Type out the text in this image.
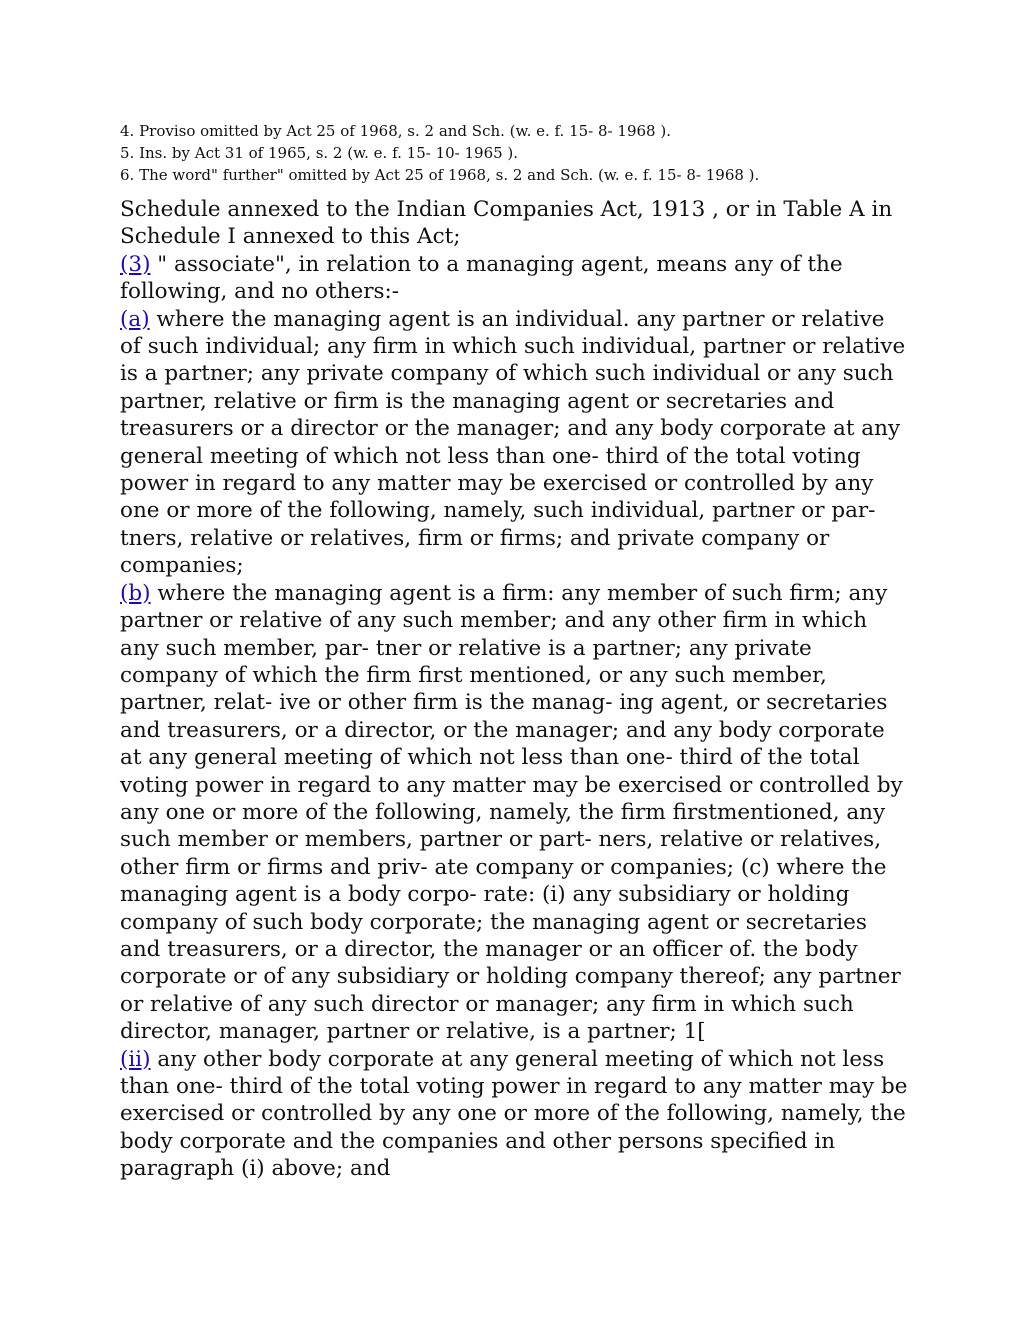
4. Proviso omitted by Act 25 of 1968, s. 2 and Sch. (w. e. f. 15- 8- 1968 ).
5. Ins. by Act 31 of 1965, s. 2 (w. e. f. 15- 10- 1965 ).
6. The word" further" omitted by Act 25 of 1968, s. 2 and Sch. (w. e. f. 15- 8- 1968 ).

Schedule annexed to the Indian Companies Act, 1913 , or in Table A in Schedule I annexed to this Act;

(3) " associate", in relation to a managing agent, means any of the following, and no others:-

(a) where the managing agent is an individual. any partner or relative of such individual; any firm in which such individual, partner or relative is a partner; any private company of which such individual or any such partner, relative or firm is the managing agent or secretaries and treasurers or a director or the manager; and any body corporate at any general meeting of which not less than one- third of the total voting power in regard to any matter may be exercised or controlled by any one or more of the following, namely, such individual, partner or par- tners, relative or relatives, firm or firms; and private company or companies;

(b) where the managing agent is a firm: any member of such firm; any partner or relative of any such member; and any other firm in which any such member, par- tner or relative is a partner; any private company of which the firm first mentioned, or any such member, partner, relat- ive or other firm is the manag- ing agent, or secretaries and treasurers, or a director, or the manager; and any body corporate at any general meeting of which not less than one- third of the total voting power in regard to any matter may be exercised or controlled by any one or more of the following, namely, the firm firstmentioned, any such member or members, partner or part- ners, relative or relatives, other firm or firms and priv- ate company or companies; (c) where the managing agent is a body corpo- rate: (i) any subsidiary or holding company of such body corporate; the managing agent or secretaries and treasurers, or a director, the manager or an officer of. the body corporate or of any subsidiary or holding company thereof; any partner or relative of any such director or manager; any firm in which such director, manager, partner or relative, is a partner; 1[

(ii) any other body corporate at any general meeting of which not less than one- third of the total voting power in regard to any matter may be exercised or controlled by any one or more of the following, namely, the body corporate and the companies and other persons specified in paragraph (i) above; and
